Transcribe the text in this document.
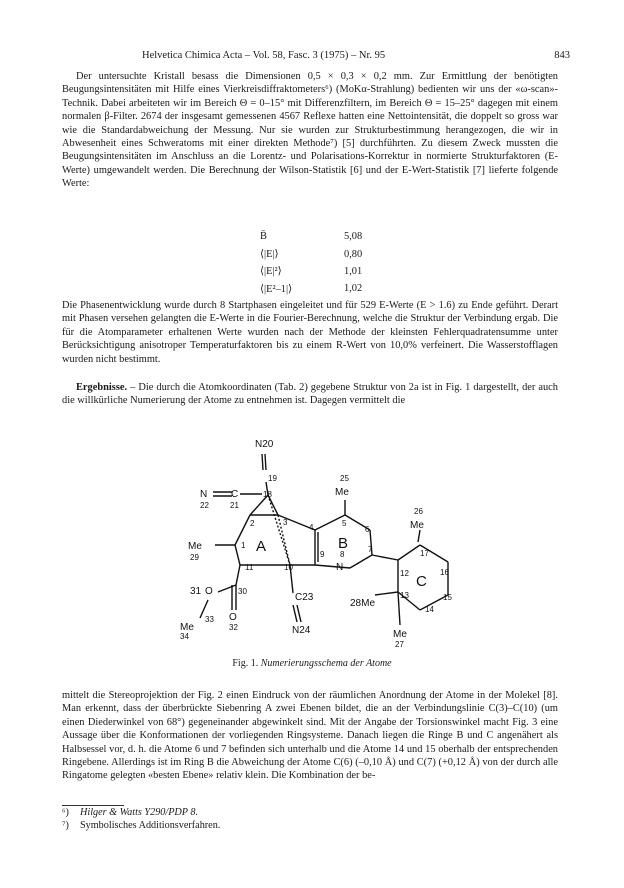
Helvetica Chimica Acta – Vol. 58, Fasc. 3 (1975) – Nr. 95	843
Der untersuchte Kristall besass die Dimensionen 0,5 × 0,3 × 0,2 mm. Zur Ermittlung der benötigten Beugungsintensitäten mit Hilfe eines Vierkreisdiffraktometers⁶) (MoKα-Strahlung) bedienten wir uns der «ω-scan»-Technik. Dabei arbeiteten wir im Bereich Θ = 0–15° mit Differenzfiltern, im Bereich Θ = 15–25° dagegen mit einem normalen β-Filter. 2674 der insgesamt gemessenen 4567 Reflexe hatten eine Nettointensität, die doppelt so gross war wie die Standardabweichung der Messung. Nur sie wurden zur Strukturbestimmung herangezogen, die wir in Abwesenheit eines Schweratoms mit einer direkten Methode⁷) [5] durchführten. Zu diesem Zweck mussten die Beugungsintensitäten im Anschluss an die Lorentz- und Polarisations-Korrektur in normierte Strukturfaktoren (E-Werte) umgewandelt werden. Die Berechnung der Wilson-Statistik [6] und der E-Wert-Statistik [7] lieferte folgende Werte:
B̄	5,08
⟨|E|⟩	0,80
⟨|E|²⟩	1,01
⟨|E²–1|⟩	1,02
Die Phasenentwicklung wurde durch 8 Startphasen eingeleitet und für 529 E-Werte (E > 1.6) zu Ende geführt. Derart mit Phasen versehen gelangten die E-Werte in die Fourier-Berechnung, welche die Struktur der Verbindung ergab. Die für die Atomparameter erhaltenen Werte wurden nach der Methode der kleinsten Fehlerquadratensumme unter Berücksichtigung anisotroper Temperaturfaktoren bis zu einem R-Wert von 10,0% verfeinert. Die Wasserstofflagen wurden nicht bestimmt.
Ergebnisse. – Die durch die Atomkoordinaten (Tab. 2) gegebene Struktur von 2a ist in Fig. 1 dargestellt, der auch die willkürliche Numerierung der Atome zu entnehmen ist. Dagegen vermittelt die
N20
19	25
Me
18
N C
22	21
2	3
4	5
6
26
Me
1
Me
29	9 8
N
7
11	10
17
16
12
31 O	30
C23
28Me
13	15
14
Me
33 O
32
34
N24	Me
27
A	B
C
Fig. 1. Numerierungsschema der Atome
mittelt die Stereoprojektion der Fig. 2 einen Eindruck von der räumlichen Anordnung der Atome in der Molekel [8]. Man erkennt, dass der überbrückte Siebenring A zwei Ebenen bildet, die an der Verbindungslinie C(3)–C(10) (um einen Diederwinkel von 68°) gegeneinander abgewinkelt sind. Mit der Angabe der Torsionswinkel macht Fig. 3 eine Aussage über die Konformationen der vorliegenden Ringsysteme. Danach liegen die Ringe B und C angenähert als Halbsessel vor, d. h. die Atome 6 und 7 befinden sich unterhalb und die Atome 14 und 15 oberhalb der entsprechenden Ringebene. Allerdings ist im Ring B die Abweichung der Atome C(6) (–0,10 Å) und C(7) (+0,12 Å) von der durch alle Ringatome gelegten «besten Ebene» relativ klein. Die Kombination der be-
⁶) Hilger & Watts Y290/PDP 8.
⁷) Symbolisches Additionsverfahren.
